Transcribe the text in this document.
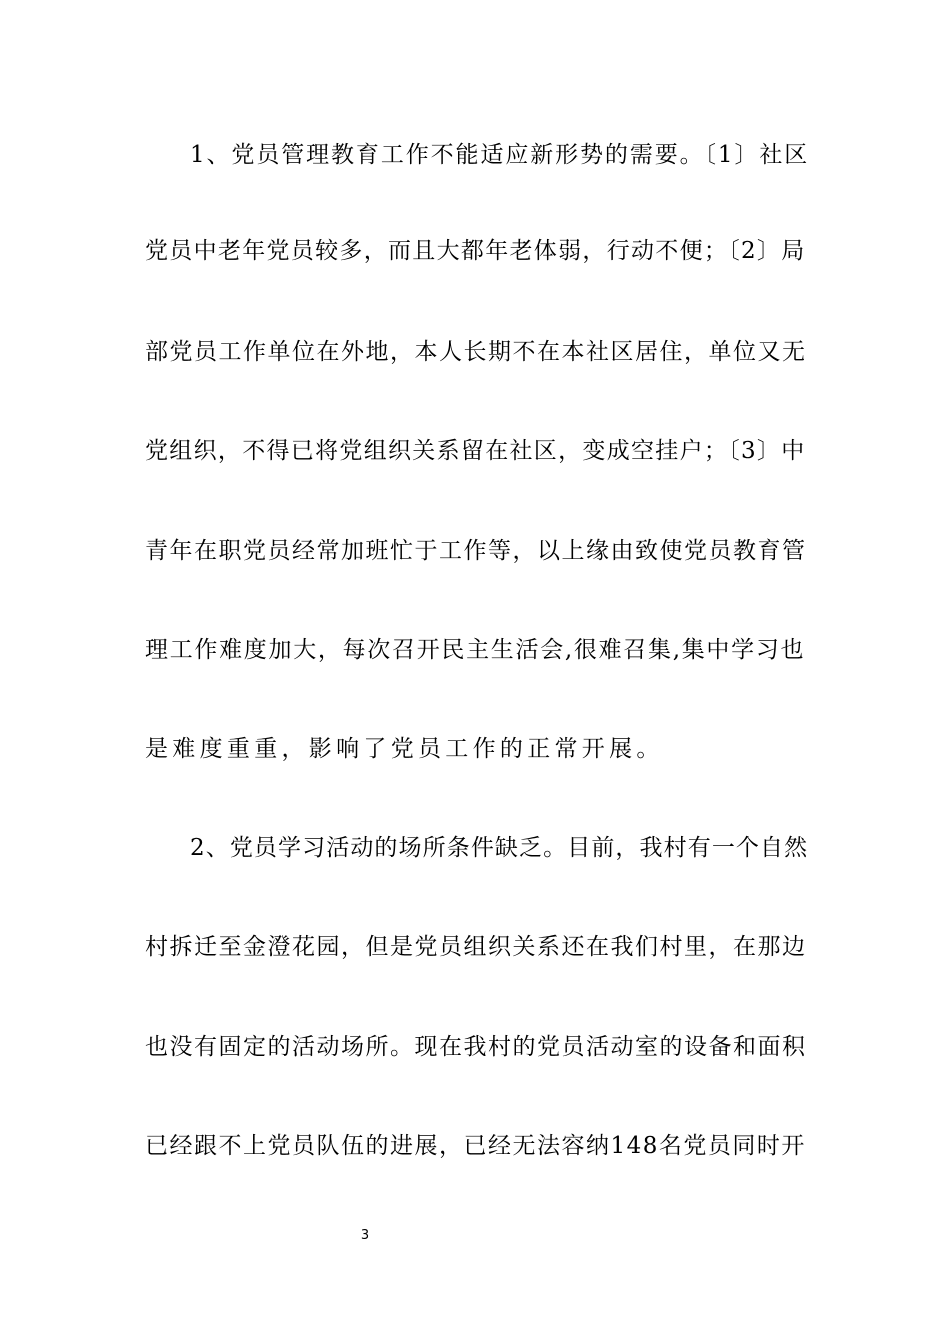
1、党员管理教育工作不能适应新形势的需要。〔1〕社区
党员中老年党员较多，而且大都年老体弱，行动不便；〔2〕局
部党员工作单位在外地，本人长期不在本社区居住，单位又无
党组织，不得已将党组织关系留在社区，变成空挂户；〔3〕中
青年在职党员经常加班忙于工作等，以上缘由致使党员教育管
理工作难度加大，每次召开民主生活会,很难召集,集中学习也
是难度重重，影响了党员工作的正常开展。
2、党员学习活动的场所条件缺乏。目前，我村有一个自然
村拆迁至金澄花园，但是党员组织关系还在我们村里，在那边
也没有固定的活动场所。现在我村的党员活动室的设备和面积
已经跟不上党员队伍的进展，已经无法容纳148名党员同时开
3
